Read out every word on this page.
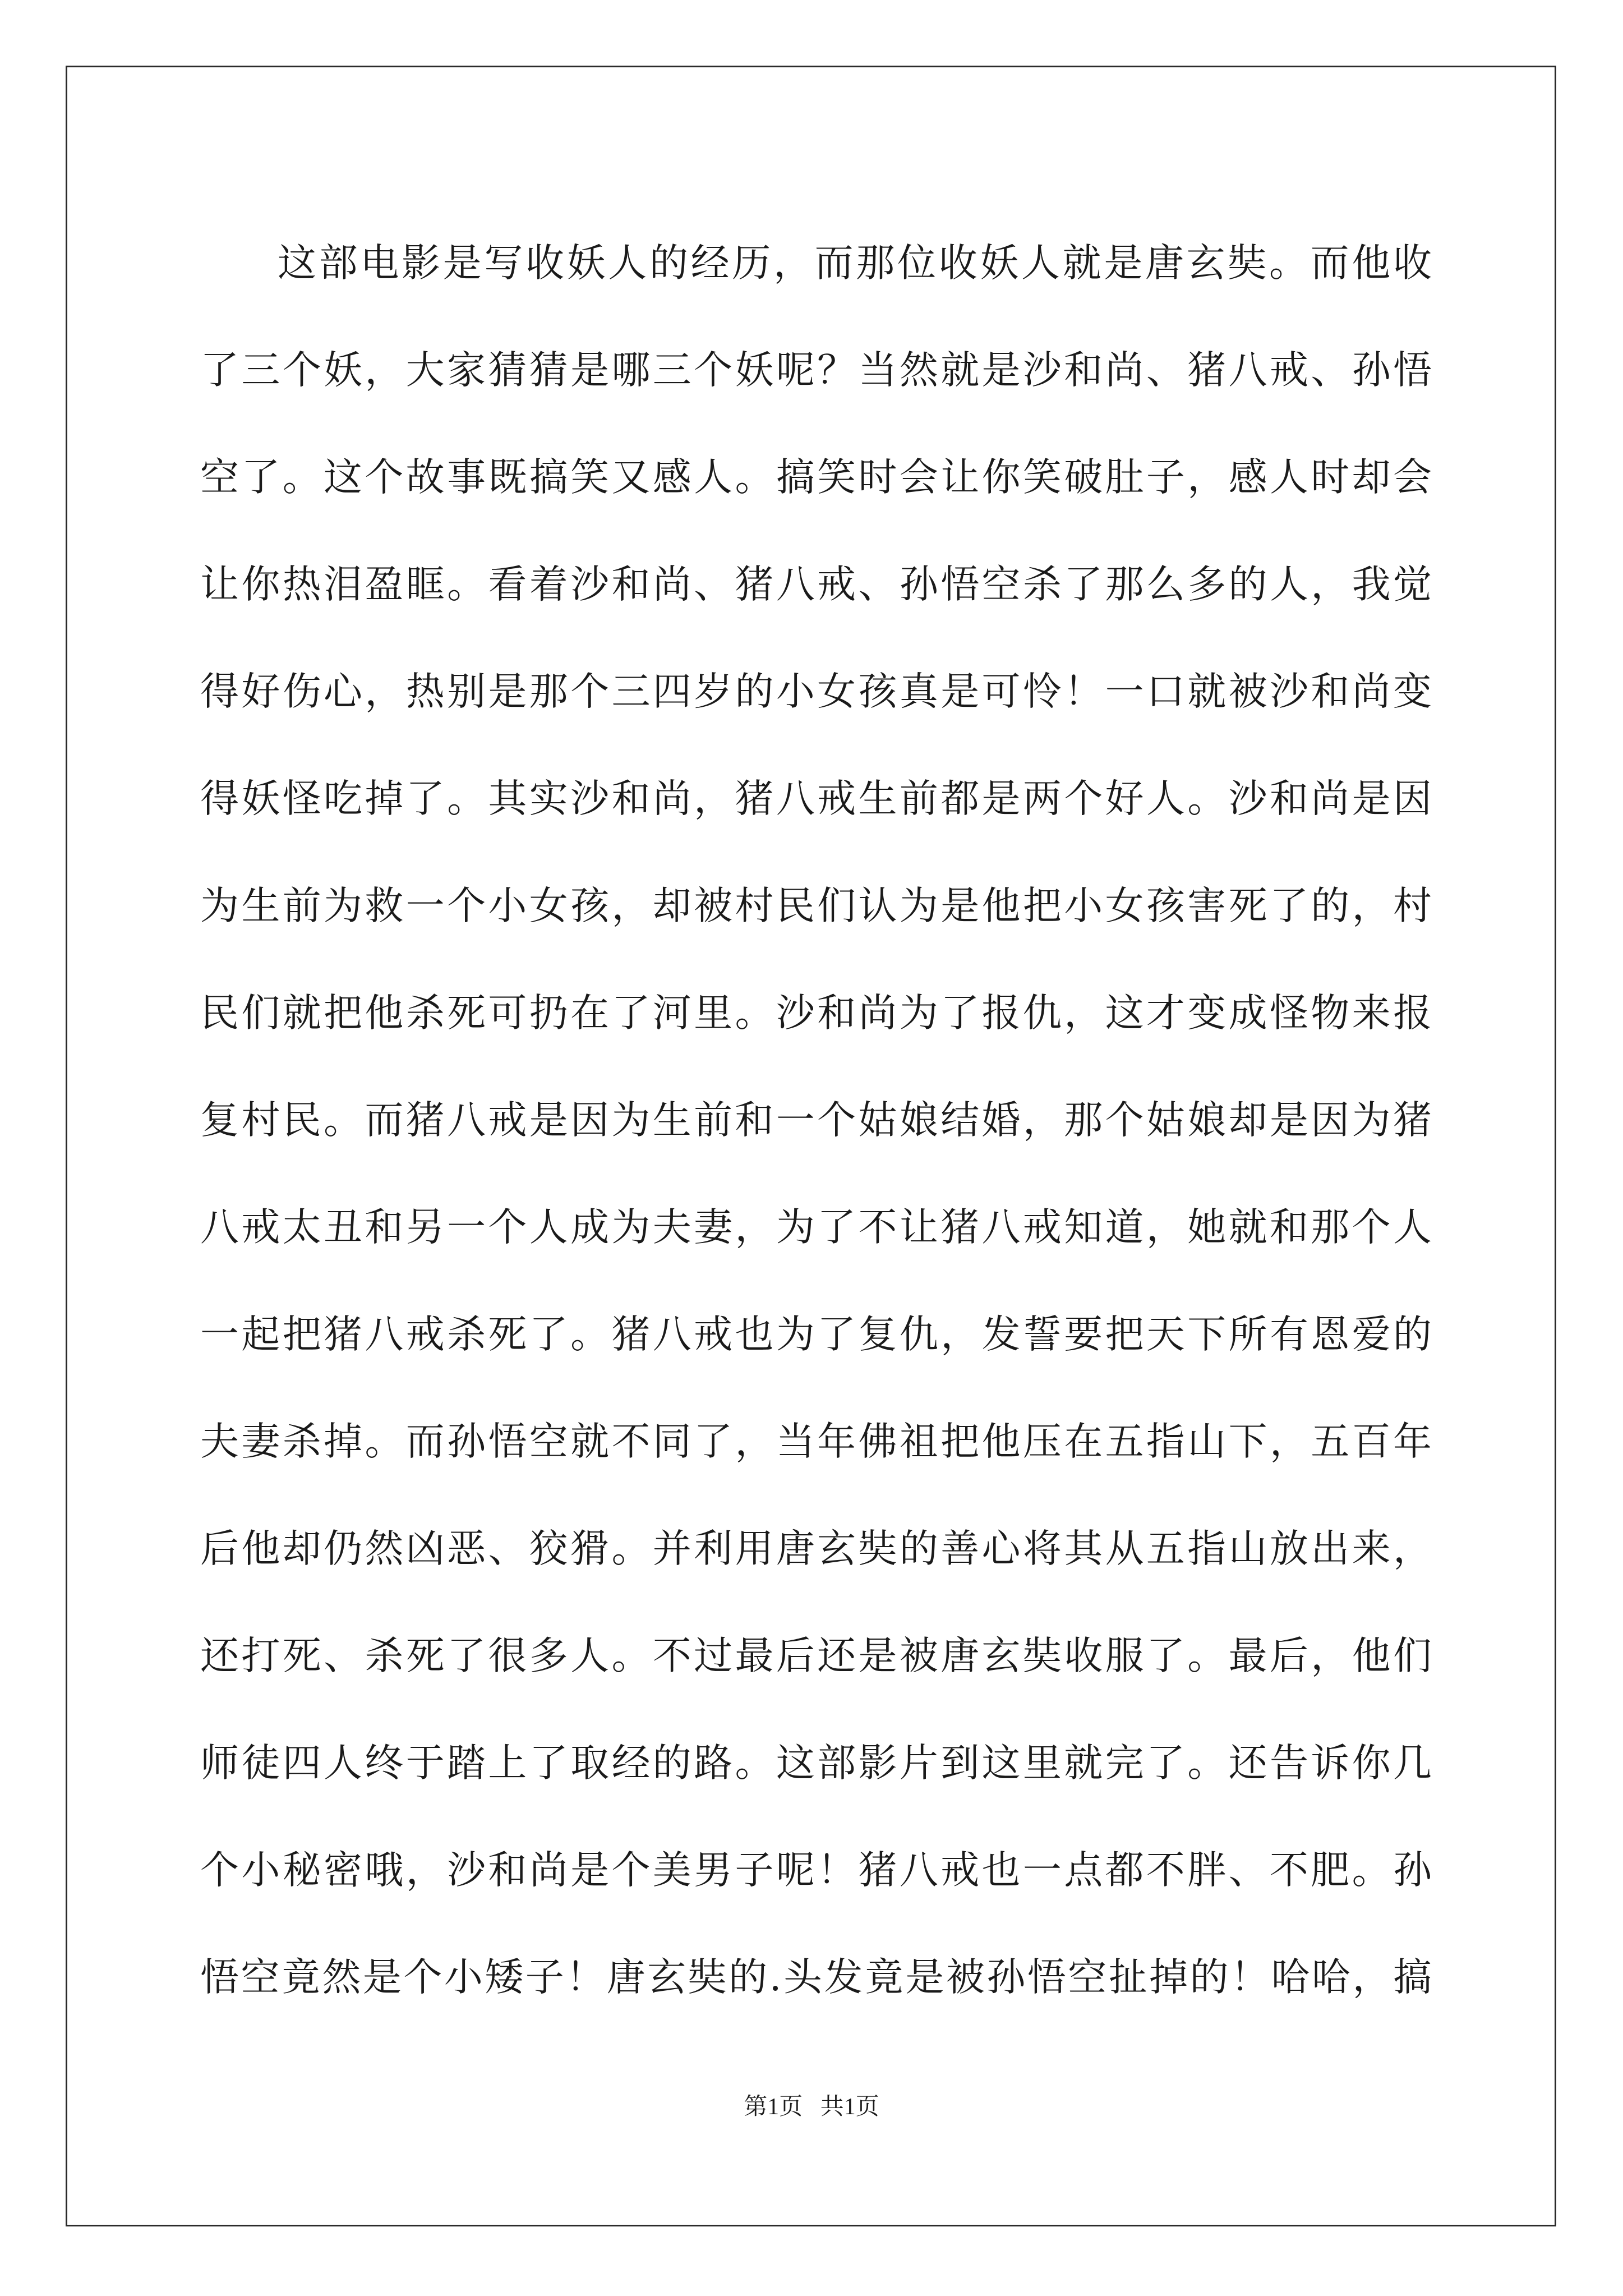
这部电影是写收妖人的经历，而那位收妖人就是唐玄奘。而他收
了三个妖，大家猜猜是哪三个妖呢？当然就是沙和尚、猪八戒、孙悟
空了。这个故事既搞笑又感人。搞笑时会让你笑破肚子，感人时却会
让你热泪盈眶。看着沙和尚、猪八戒、孙悟空杀了那么多的人，我觉
得好伤心，热别是那个三四岁的小女孩真是可怜！一口就被沙和尚变
得妖怪吃掉了。其实沙和尚，猪八戒生前都是两个好人。沙和尚是因
为生前为救一个小女孩，却被村民们认为是他把小女孩害死了的，村
民们就把他杀死可扔在了河里。沙和尚为了报仇，这才变成怪物来报
复村民。而猪八戒是因为生前和一个姑娘结婚，那个姑娘却是因为猪
八戒太丑和另一个人成为夫妻，为了不让猪八戒知道，她就和那个人
一起把猪八戒杀死了。猪八戒也为了复仇，发誓要把天下所有恩爱的
夫妻杀掉。而孙悟空就不同了，当年佛祖把他压在五指山下，五百年
后他却仍然凶恶、狡猾。并利用唐玄奘的善心将其从五指山放出来，
还打死、杀死了很多人。不过最后还是被唐玄奘收服了。最后，他们
师徒四人终于踏上了取经的路。这部影片到这里就完了。还告诉你几
个小秘密哦，沙和尚是个美男子呢！猪八戒也一点都不胖、不肥。孙
悟空竟然是个小矮子！唐玄奘的.头发竟是被孙悟空扯掉的！哈哈，搞
第1页   共1页
